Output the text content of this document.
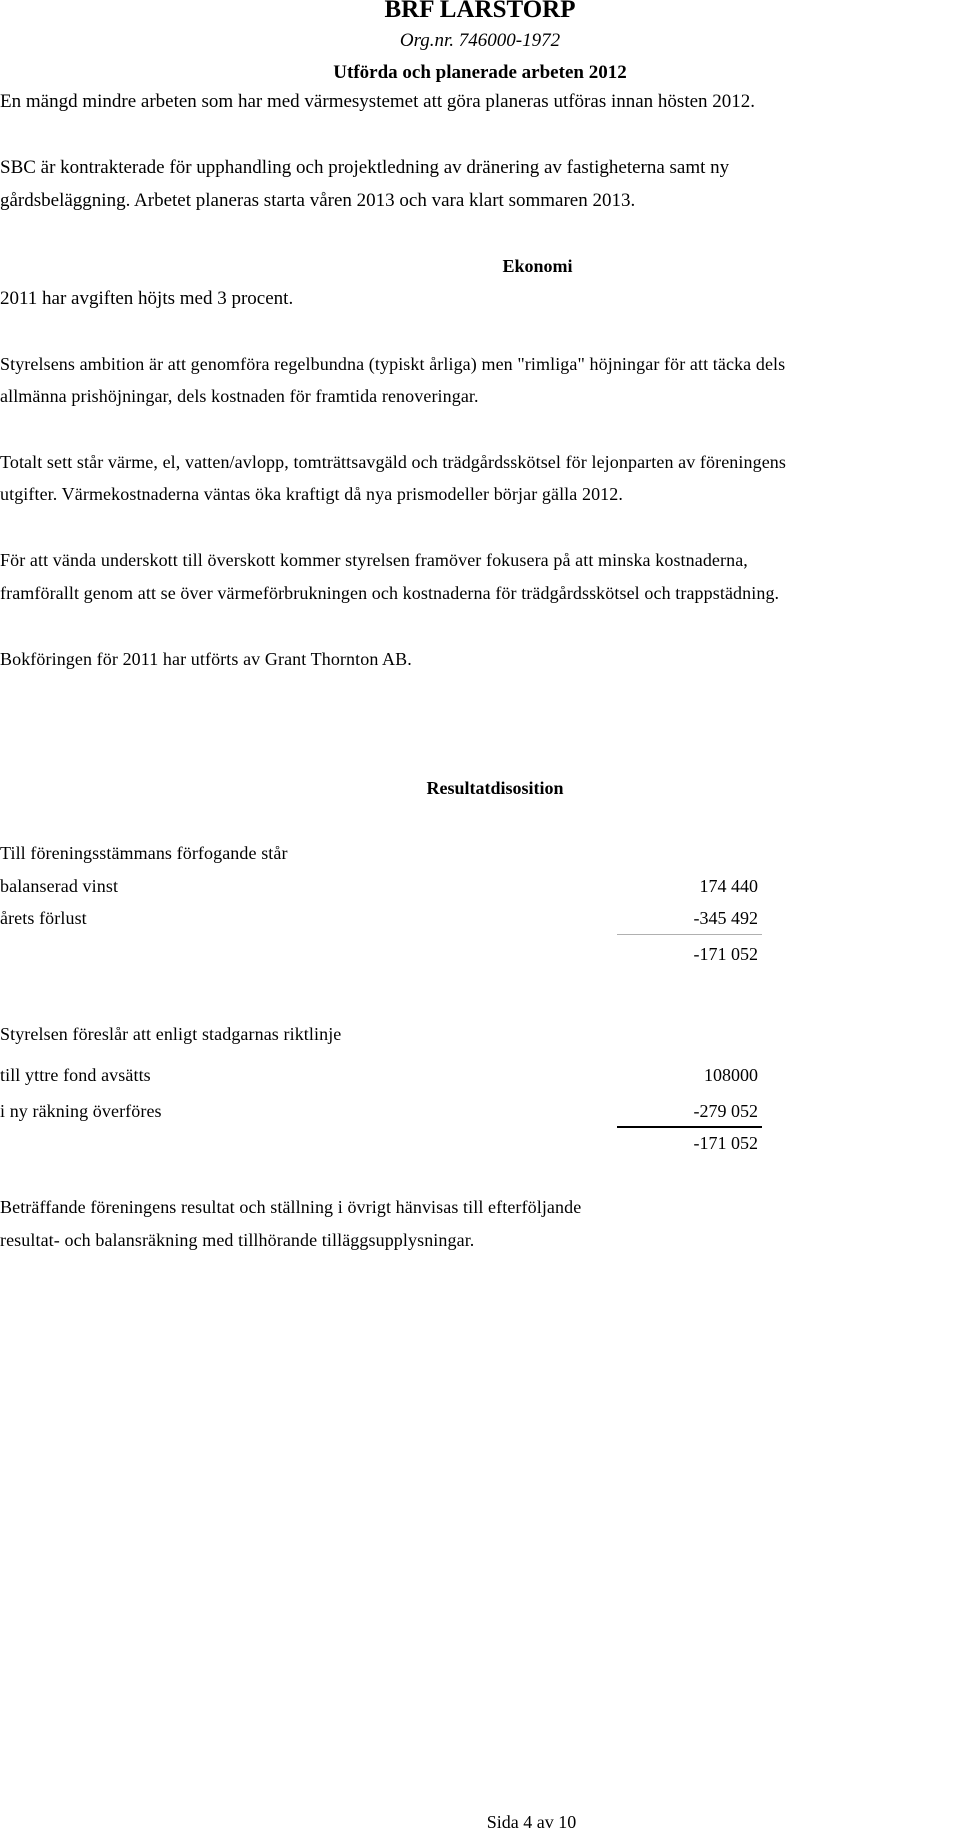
BRF LARSTORP
Org.nr. 746000-1972
Utförda och planerade arbeten 2012
En mängd mindre arbeten som har med värmesystemet att göra planeras utföras innan hösten 2012.
SBC är kontrakterade för upphandling och projektledning av dränering av fastigheterna samt ny
gårdsbeläggning. Arbetet planeras starta våren 2013 och vara klart sommaren 2013.
Ekonomi
2011 har avgiften höjts med 3 procent.
Styrelsens ambition är att genomföra regelbundna (typiskt årliga) men "rimliga" höjningar för att täcka dels
allmänna prishöjningar, dels kostnaden för framtida renoveringar.
Totalt sett står värme, el, vatten/avlopp, tomträttsavgäld och trädgårdsskötsel för lejonparten av föreningens
utgifter. Värmekostnaderna väntas öka kraftigt då nya prismodeller börjar gälla 2012.
För att vända underskott till överskott kommer styrelsen framöver fokusera på att minska kostnaderna,
framförallt genom att se över värmeförbrukningen och kostnaderna för trädgårdsskötsel och trappstädning.
Bokföringen för 2011 har utförts av Grant Thornton AB.
Resultatdisosition
Till föreningsstämmans förfogande står
balanserad vinst	174 440
årets förlust	-345 492
-171 052
Styrelsen föreslår att enligt stadgarnas riktlinje
till yttre fond avsätts	108000
i ny räkning överföres	-279 052
-171 052
Beträffande föreningens resultat och ställning i övrigt hänvisas till efterföljande
resultat- och balansräkning med tillhörande tilläggsupplysningar.
Sida 4 av 10
